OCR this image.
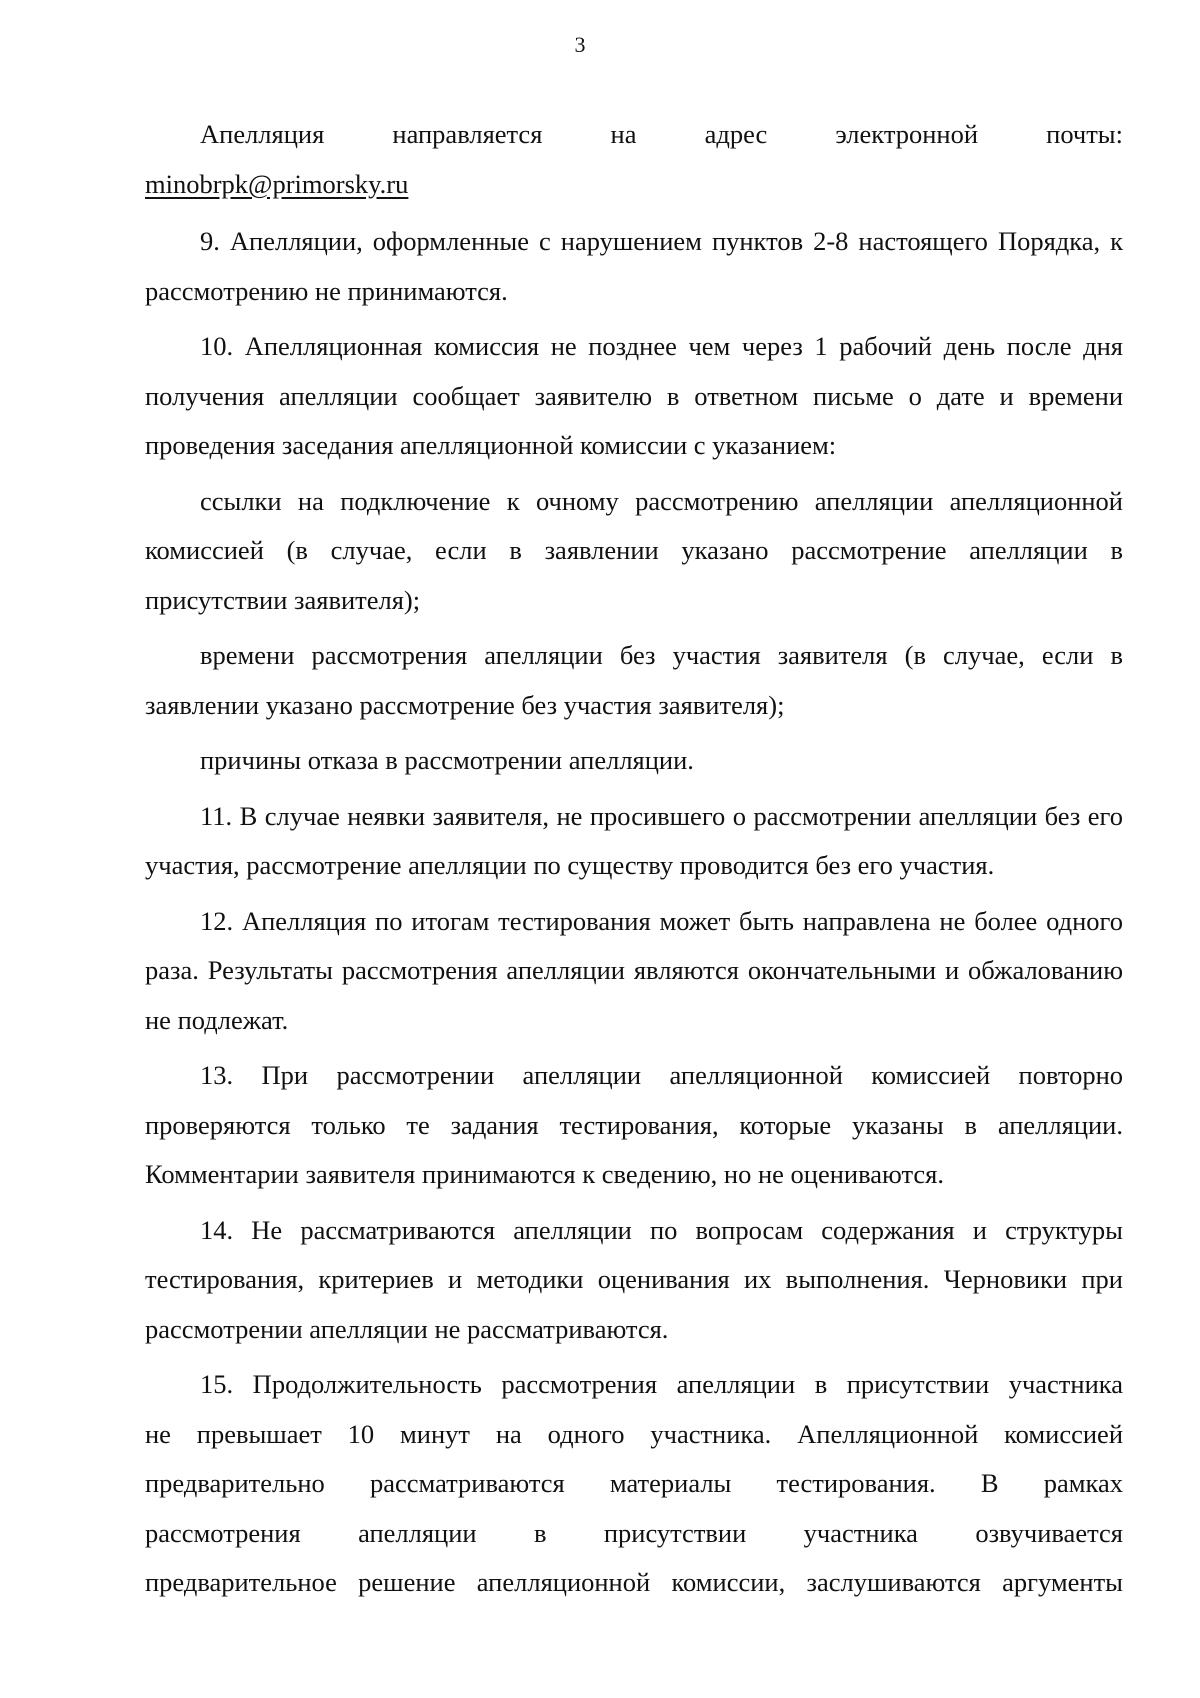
3
Апелляция	направляется	на	адрес	электронной	почты:
minobrpk@primorsky.ru

9. Апелляции, оформленные с нарушением пунктов 2-8 настоящего Порядка, к рассмотрению не принимаются.

10. Апелляционная комиссия не позднее чем через 1 рабочий день после дня получения апелляции сообщает заявителю в ответном письме о дате и времени проведения заседания апелляционной комиссии с указанием:

ссылки на подключение к очному рассмотрению апелляции апелляционной комиссией (в случае, если в заявлении указано рассмотрение апелляции в присутствии заявителя);

времени рассмотрения апелляции без участия заявителя (в случае, если в заявлении указано рассмотрение без участия заявителя);

причины отказа в рассмотрении апелляции.

11. В случае неявки заявителя, не просившего о рассмотрении апелляции без его участия, рассмотрение апелляции по существу проводится без его участия.

12. Апелляция по итогам тестирования может быть направлена не более одного раза. Результаты рассмотрения апелляции являются окончательными и обжалованию не подлежат.

13. При рассмотрении апелляции апелляционной комиссией повторно проверяются только те задания тестирования, которые указаны в апелляции. Комментарии заявителя принимаются к сведению, но не оцениваются.

14. Не рассматриваются апелляции по вопросам содержания и структуры тестирования, критериев и методики оценивания их выполнения. Черновики при рассмотрении апелляции не рассматриваются.

15. Продолжительность рассмотрения апелляции в присутствии участника
не превышает 10 минут на одного участника. Апелляционной комиссией
предварительно рассматриваются материалы тестирования. В рамках
рассмотрения апелляции в присутствии участника озвучивается
предварительное решение апелляционной комиссии, заслушиваются аргументы
